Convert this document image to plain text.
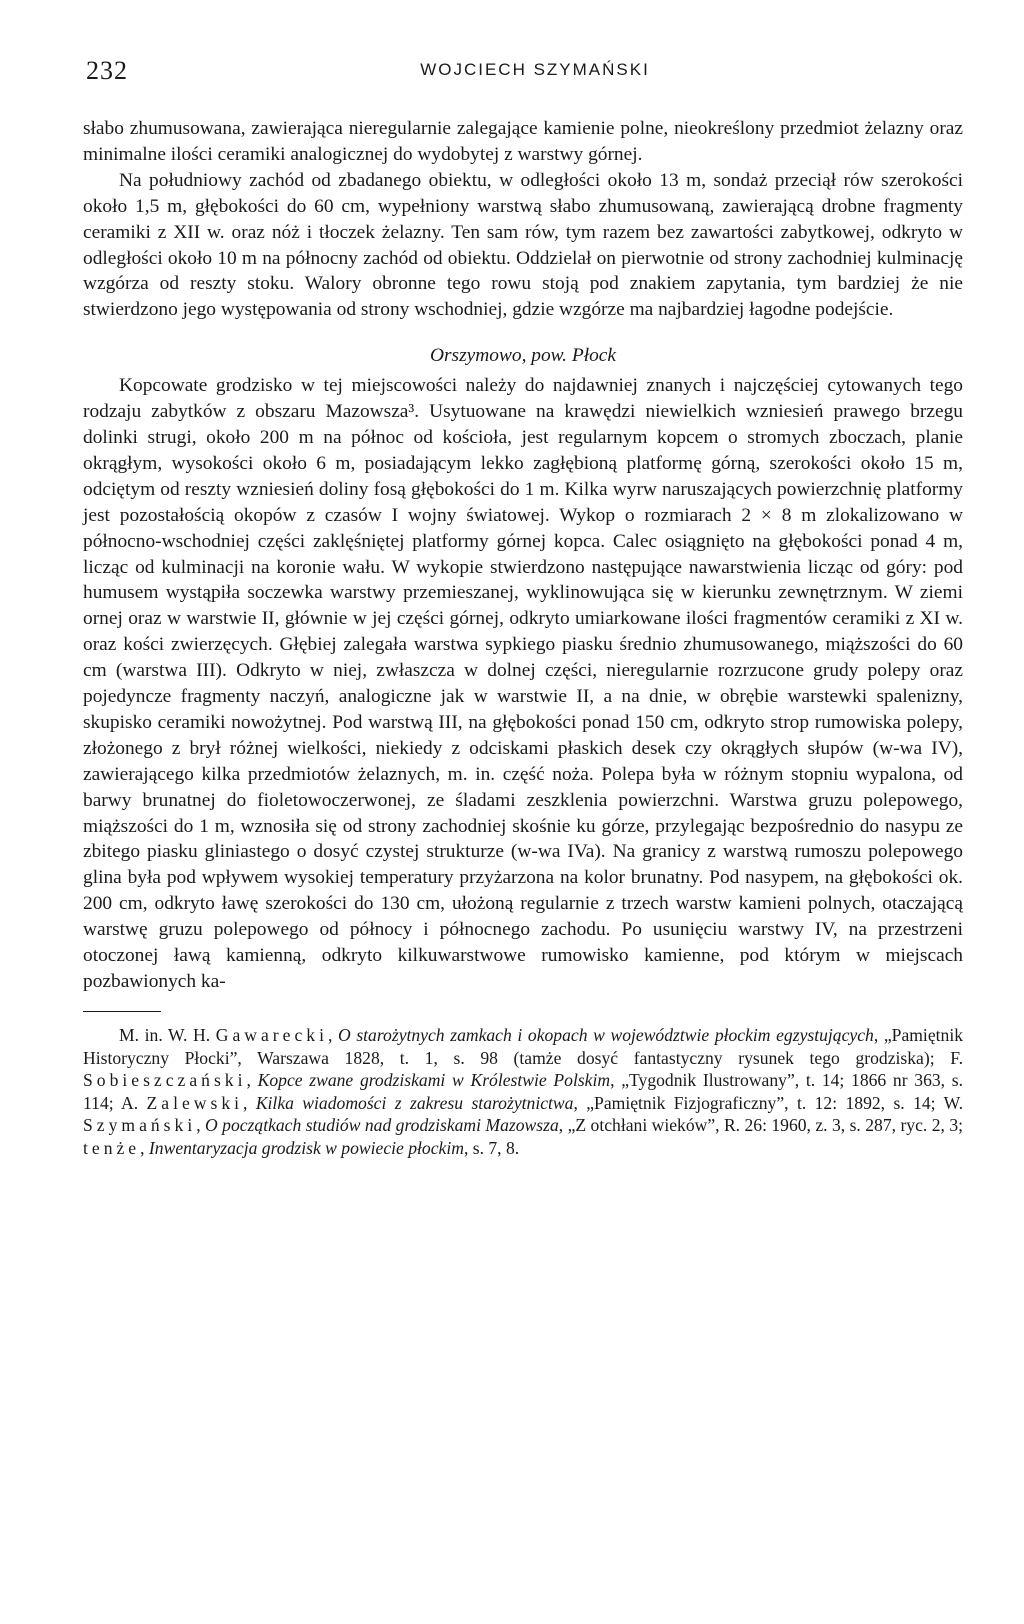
232	WOJCIECH SZYMAŃSKI

słabo zhumusowana, zawierająca nieregularnie zalegające kamienie polne, nieokreślony przedmiot żelazny oraz minimalne ilości ceramiki analogicznej do wydobytej z warstwy górnej.

Na południowy zachód od zbadanego obiektu, w odległości około 13 m, sondaż przeciął rów szerokości około 1,5 m, głębokości do 60 cm, wypełniony warstwą słabo zhumusowaną, zawierającą drobne fragmenty ceramiki z XII w. oraz nóż i tłoczek żelazny. Ten sam rów, tym razem bez zawartości zabytkowej, odkryto w odległości około 10 m na północny zachód od obiektu. Oddzielał on pierwotnie od strony zachodniej kulminację wzgórza od reszty stoku. Walory obronne tego rowu stoją pod znakiem zapytania, tym bardziej że nie stwierdzono jego występowania od strony wschodniej, gdzie wzgórze ma najbardziej łagodne podejście.

Orszymowo, pow. Płock

Kopcowate grodzisko w tej miejscowości należy do najdawniej znanych i najczęściej cytowanych tego rodzaju zabytków z obszaru Mazowsza³. Usytuowane na krawędzi niewielkich wzniesień prawego brzegu dolinki strugi, około 200 m na północ od kościoła, jest regularnym kopcem o stromych zboczach, planie okrągłym, wysokości około 6 m, posiadającym lekko zagłębioną platformę górną, szerokości około 15 m, odciętym od reszty wzniesień doliny fosą głębokości do 1 m. Kilka wyrw naruszających powierzchnię platformy jest pozostałością okopów z czasów I wojny światowej. Wykop o rozmiarach 2 × 8 m zlokalizowano w północno-wschodniej części zaklęśniętej platformy górnej kopca. Calec osiągnięto na głębokości ponad 4 m, licząc od kulminacji na koronie wału. W wykopie stwierdzono następujące nawarstwienia licząc od góry: pod humusem wystąpiła soczewka warstwy przemieszanej, wyklinowująca się w kierunku zewnętrznym. W ziemi ornej oraz w warstwie II, głównie w jej części górnej, odkryto umiarkowane ilości fragmentów ceramiki z XI w. oraz kości zwierzęcych. Głębiej zalegała warstwa sypkiego piasku średnio zhumusowanego, miąższości do 60 cm (warstwa III). Odkryto w niej, zwłaszcza w dolnej części, nieregularnie rozrzucone grudy polepy oraz pojedyncze fragmenty naczyń, analogiczne jak w warstwie II, a na dnie, w obrębie warstewki spalenizny, skupisko ceramiki nowożytnej. Pod warstwą III, na głębokości ponad 150 cm, odkryto strop rumowiska polepy, złożonego z brył różnej wielkości, niekiedy z odciskami płaskich desek czy okrągłych słupów (w-wa IV), zawierającego kilka przedmiotów żelaznych, m. in. część noża. Polepa była w różnym stopniu wypalona, od barwy brunatnej do fioletowoczerwonej, ze śladami zeszklenia powierzchni. Warstwa gruzu polepowego, miąższości do 1 m, wznosiła się od strony zachodniej skośnie ku górze, przylegając bezpośrednio do nasypu ze zbitego piasku gliniastego o dosyć czystej strukturze (w-wa IVa). Na granicy z warstwą rumoszu polepowego glina była pod wpływem wysokiej temperatury przyżarzona na kolor brunatny. Pod nasypem, na głębokości ok. 200 cm, odkryto ławę szerokości do 130 cm, ułożoną regularnie z trzech warstw kamieni polnych, otaczającą warstwę gruzu polepowego od północy i północnego zachodu. Po usunięciu warstwy IV, na przestrzeni otoczonej ławą kamienną, odkryto kilkuwarstwowe rumowisko kamienne, pod którym w miejscach pozbawionych ka-

M. in. W. H. Gawarecki, O starożytnych zamkach i okopach w województwie płockim egzystujących, „Pamiętnik Historyczny Płocki”, Warszawa 1828, t. 1, s. 98 (tamże dosyć fantastyczny rysunek tego grodziska); F. Sobieszczański, Kopce zwane grodziskami w Królestwie Polskim, „Tygodnik Ilustrowany”, t. 14; 1866 nr 363, s. 114; A. Zalewski, Kilka wiadomości z zakresu starożytnictwa, „Pamiętnik Fizjograficzny”, t. 12: 1892, s. 14; W. Szymański, O początkach studiów nad grodziskami Mazowsza, „Z otchłani wieków”, R. 26: 1960, z. 3, s. 287, ryc. 2, 3; tenże, Inwentaryzacja grodzisk w powiecie płockim, s. 7, 8.
